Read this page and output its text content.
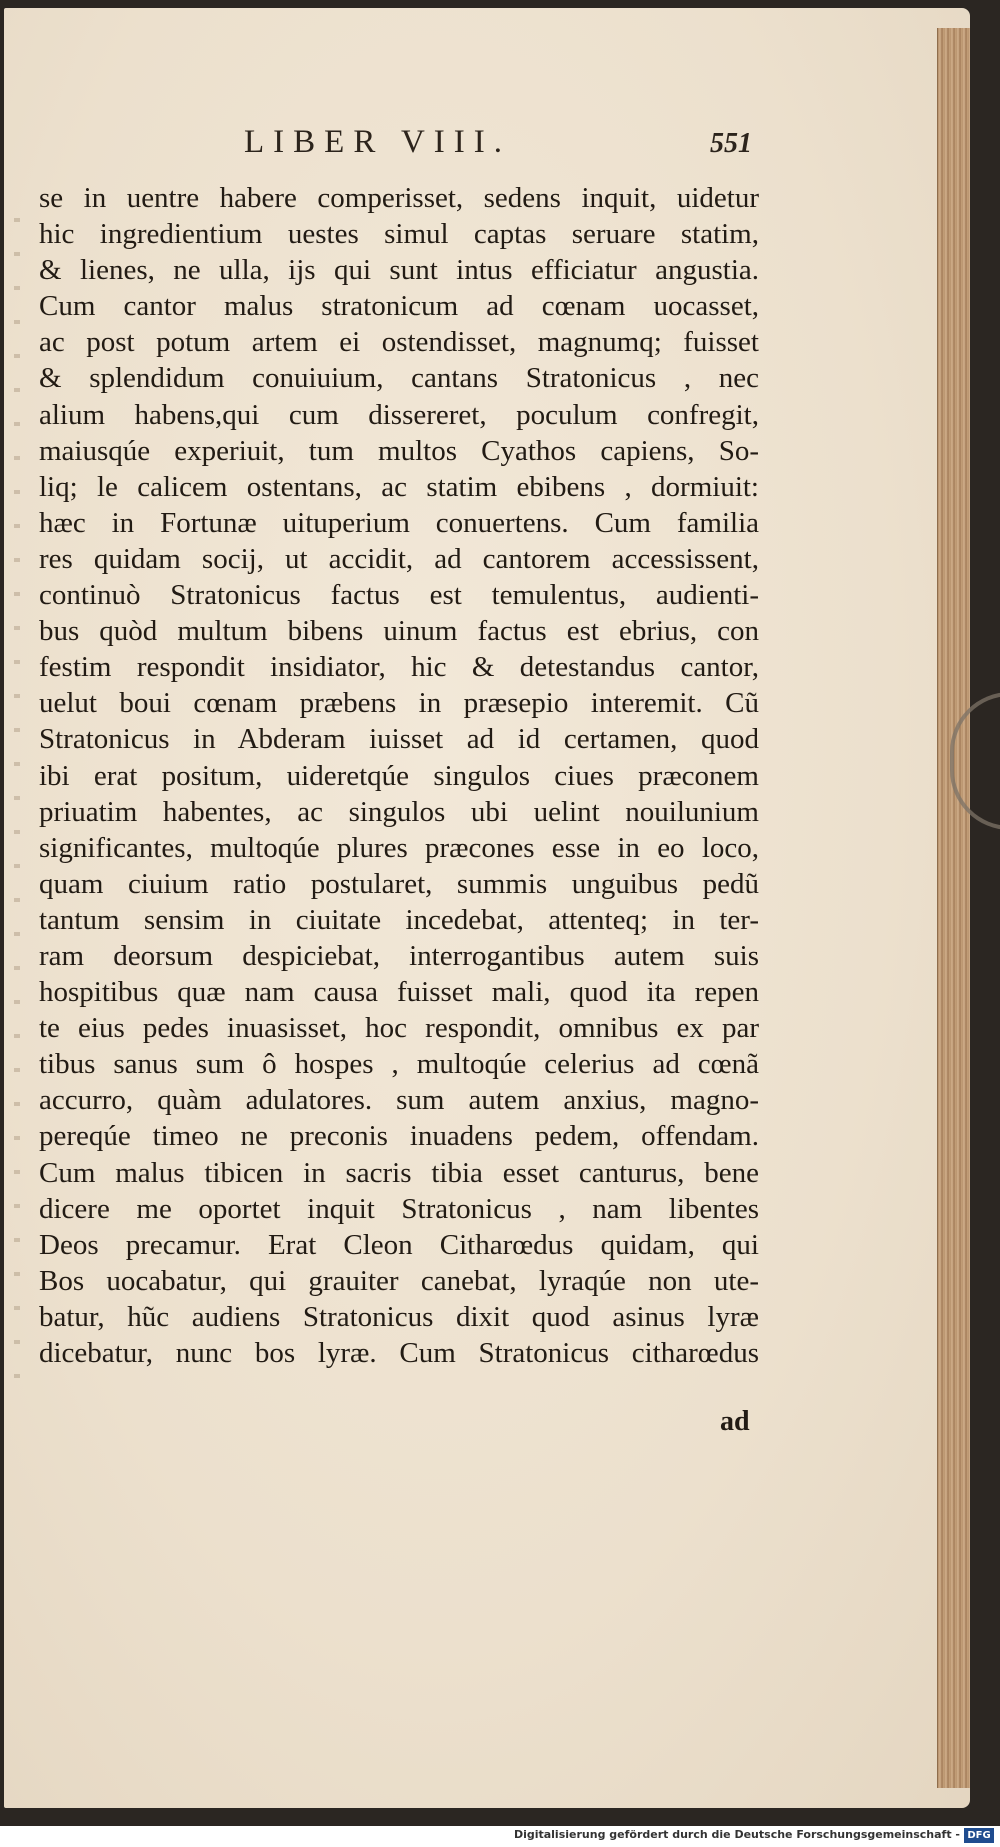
LIBER VIII.	551
se in uentre habere comperisset, sedens inquit, uidetur
hic ingredientium uestes simul captas seruare statim,
& lienes, ne ulla, ijs qui sunt intus efficiatur angustia.
Cum cantor malus stratonicum ad cœnam uocasset,
ac post potum artem ei ostendisset, magnumq; fuisset
& splendidum conuiuium, cantans Stratonicus , nec
alium habens,qui cum dissereret, poculum confregit,
maiusqúe experiuit, tum multos Cyathos capiens, So-
liq; le calicem ostentans, ac statim ebibens , dormiuit:
hæc in Fortunæ uituperium conuertens. Cum familia
res quidam socij, ut accidit, ad cantorem accessissent,
continuò Stratonicus factus est temulentus, audienti-
bus quòd multum bibens uinum factus est ebrius, con
festim respondit insidiator, hic & detestandus cantor,
uelut boui cœnam præbens in præsepio interemit. Cũ
Stratonicus in Abderam iuisset ad id certamen, quod
ibi erat positum, uideretqúe singulos ciues præconem
priuatim habentes, ac singulos ubi uelint nouilunium
significantes, multoqúe plures præcones esse in eo loco,
quam ciuium ratio postularet, summis unguibus pedũ
tantum sensim in ciuitate incedebat, attenteq; in ter-
ram deorsum despiciebat, interrogantibus autem suis
hospitibus quæ nam causa fuisset mali, quod ita repen
te eius pedes inuasisset, hoc respondit, omnibus ex par
tibus sanus sum ô hospes , multoqúe celerius ad cœnã
accurro, quàm adulatores. sum autem anxius, magno-
pereqúe timeo ne preconis inuadens pedem, offendam.
Cum malus tibicen in sacris tibia esset canturus, bene
dicere me oportet inquit Stratonicus , nam libentes
Deos precamur. Erat Cleon Citharœdus quidam, qui
Bos uocabatur, qui grauiter canebat, lyraqúe non ute-
batur, hũc audiens Stratonicus dixit quod asinus lyræ
dicebatur, nunc bos lyræ. Cum Stratonicus citharœdus
ad
Digitalisierung gefördert durch die Deutsche Forschungsgemeinschaft - DFG
